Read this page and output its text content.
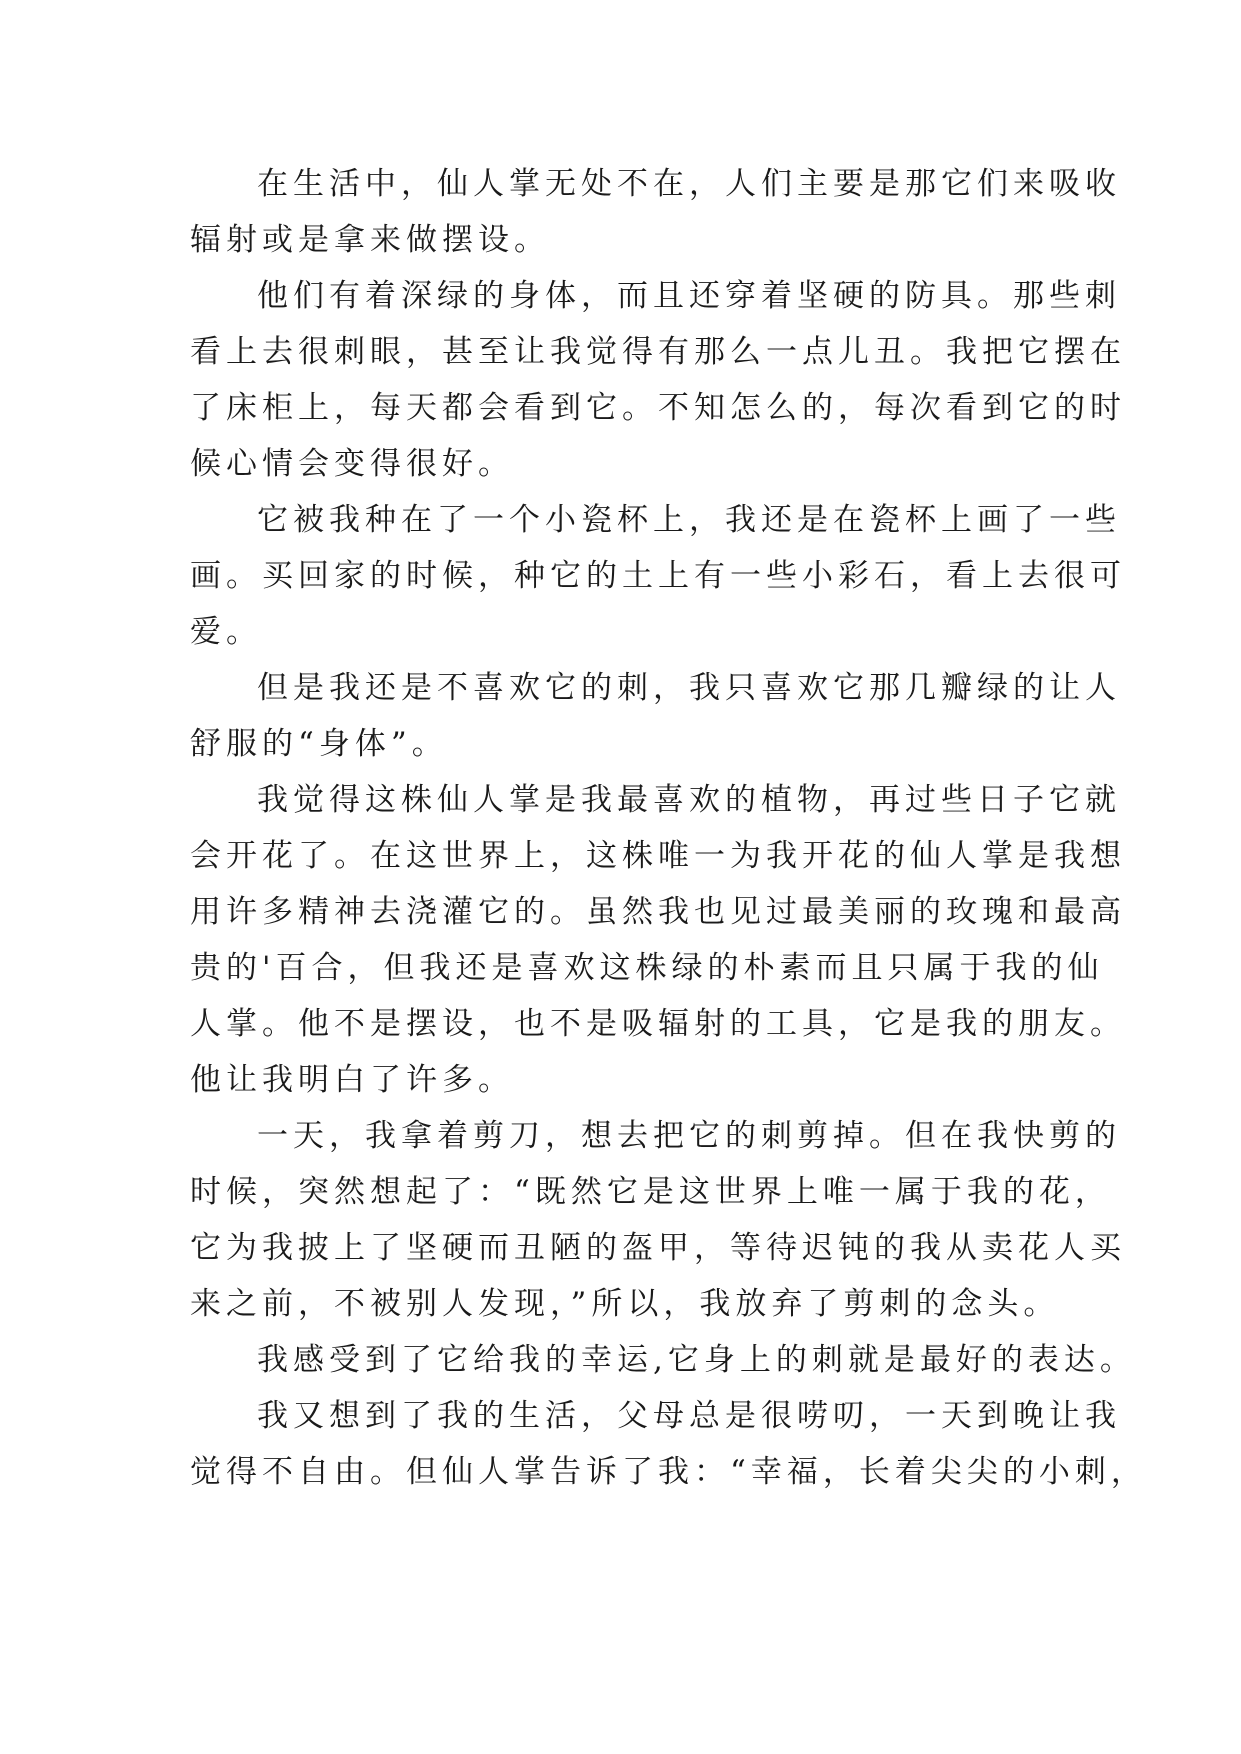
在生活中，仙人掌无处不在，人们主要是那它们来吸收

辐射或是拿来做摆设。

他们有着深绿的身体，而且还穿着坚硬的防具。那些刺

看上去很刺眼，甚至让我觉得有那么一点儿丑。我把它摆在

了床柜上，每天都会看到它。不知怎么的，每次看到它的时

候心情会变得很好。

它被我种在了一个小瓷杯上，我还是在瓷杯上画了一些

画。买回家的时候，种它的土上有一些小彩石，看上去很可

爱。

但是我还是不喜欢它的刺，我只喜欢它那几瓣绿的让人

舒服的“身体”。

我觉得这株仙人掌是我最喜欢的植物，再过些日子它就

会开花了。在这世界上，这株唯一为我开花的仙人掌是我想

用许多精神去浇灌它的。虽然我也见过最美丽的玫瑰和最高

贵的'百合，但我还是喜欢这株绿的朴素而且只属于我的仙

人掌。他不是摆设，也不是吸辐射的工具，它是我的朋友。

他让我明白了许多。

一天，我拿着剪刀，想去把它的刺剪掉。但在我快剪的

时候，突然想起了：“既然它是这世界上唯一属于我的花，

它为我披上了坚硬而丑陋的盔甲，等待迟钝的我从卖花人买

来之前，不被别人发现，”所以，我放弃了剪刺的念头。

我感受到了它给我的幸运,它身上的刺就是最好的表达。

我又想到了我的生活，父母总是很唠叨，一天到晚让我

觉得不自由。但仙人掌告诉了我：“幸福，长着尖尖的小刺，
